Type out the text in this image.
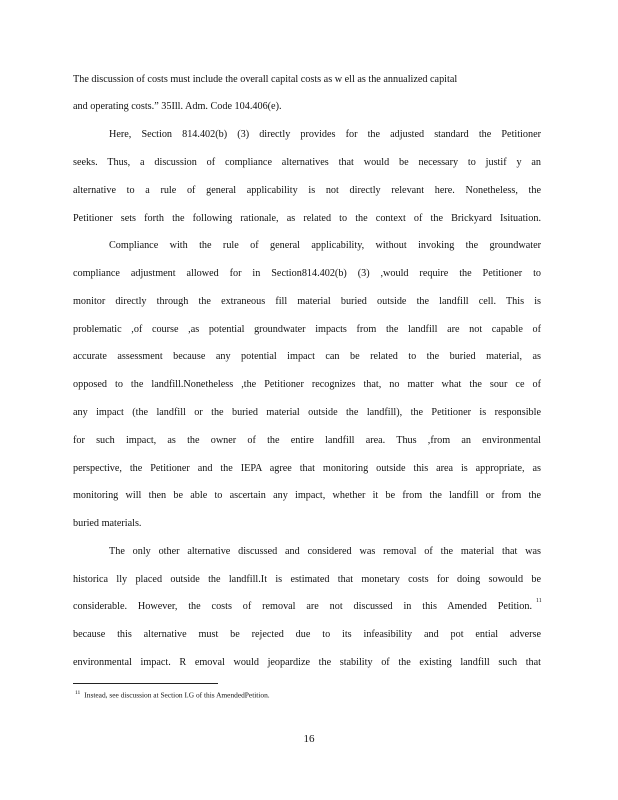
The discussion of costs must include the overall capital costs as w ell as the annualized capital
and operating costs.” 35Ill. Adm. Code 104.406(e).
Here, Section 814.402(b) (3) directly provides for the adjusted standard the Petitioner
seeks. Thus, a discussion of compliance alternatives that would be necessary to justif y an
alternative to a rule of general applicability is not directly relevant here. Nonetheless, the
Petitioner sets forth the following rationale, as related to the context of the Brickyard Isituation.
Compliance with the rule of general applicability, without invoking the groundwater
compliance adjustment allowed for in Section814.402(b) (3) ,would require the Petitioner to
monitor directly through the extraneous fill material buried outside the landfill cell. This is
problematic ,of course ,as potential groundwater impacts from the landfill are not capable of
accurate assessment because any potential impact can be related to the buried material, as
opposed to the landfill.Nonetheless ,the Petitioner recognizes that, no matter what the sour ce of
any impact (the landfill or the buried material outside the landfill), the Petitioner is responsible
for such impact, as the owner of the entire landfill area. Thus ,from an environmental
perspective, the Petitioner and the IEPA agree that monitoring outside this area is appropriate, as
monitoring will then be able to ascertain any impact, whether it be from the landfill or from the
buried materials.
The only other alternative discussed and considered was removal of the material that was
historica lly placed outside the landfill.It is estimated that monetary costs for doing sowould be
considerable. However, the costs of removal are not discussed in this Amended Petition. 11
because this alternative must be rejected due to its infeasibility and pot ential adverse
environmental impact. R emoval would jeopardize the stability of the existing landfill such that
$^{11}$ Instead, see discussion at Section I.G of this AmendedPetition.
16
